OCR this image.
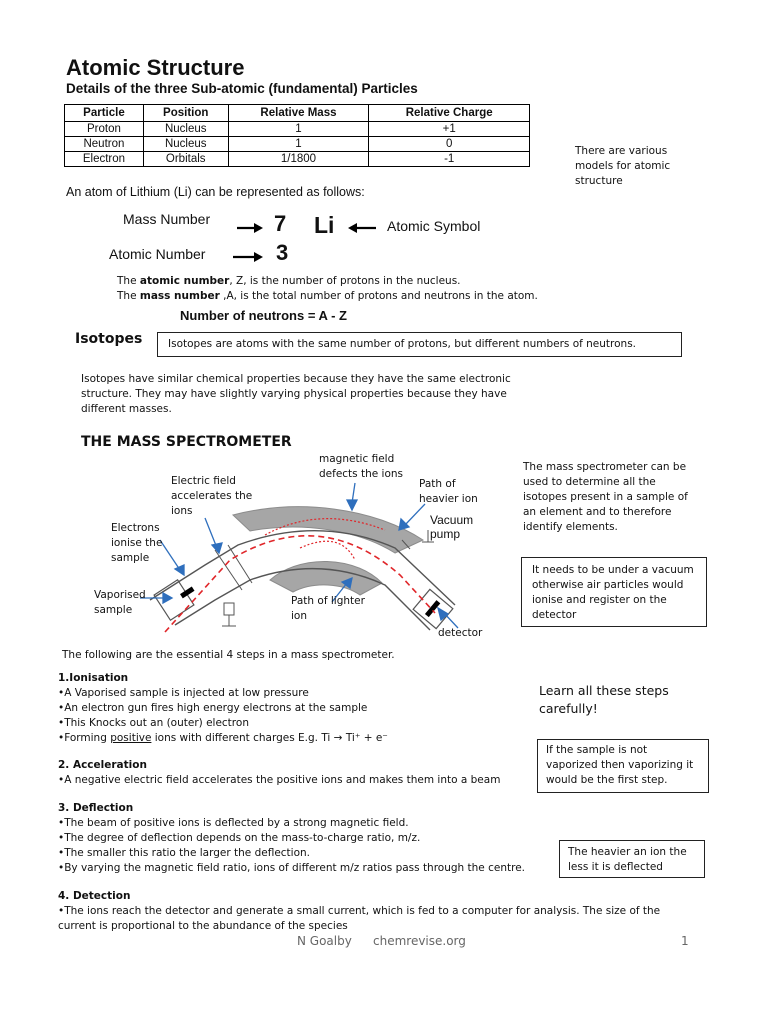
Atomic Structure
Details of the three Sub-atomic (fundamental) Particles
Particle	Position	Relative Mass	Relative Charge
Proton	Nucleus	1	+1
Neutron	Nucleus	1	0
Electron	Orbitals	1/1800	-1
There are various models for atomic structure
An atom of Lithium (Li) can be represented as follows:
Mass Number
Atomic Number
7
3
Li	Atomic Symbol
The atomic number, Z, is the number of protons in the nucleus.
The mass number ,A, is the total number of protons and neutrons in the atom.
Number of neutrons = A - Z
Isotopes	Isotopes are atoms with the same number of protons, but different numbers of neutrons.
Isotopes have similar chemical properties because they have the same electronic structure. They may have slightly varying physical properties because they have different masses.
THE MASS SPECTROMETER
magnetic field defects the ions
Electric field accelerates the ions
Path of heavier ion
Vacuum pump
Electrons ionise the sample
Vaporised sample
Path of lighter ion
detector
The mass spectrometer can be used to determine all the isotopes present in a sample of an element and to therefore identify elements.
It needs to be under a vacuum otherwise air particles would ionise and register on the detector
The following are the essential 4 steps in a mass spectrometer.
1.Ionisation
•A Vaporised sample is injected at low pressure
•An electron gun fires high energy electrons at the sample
•This Knocks out an (outer) electron
•Forming positive ions with different charges E.g. Ti → Ti⁺ + e⁻
2. Acceleration
•A negative electric field accelerates the positive ions and makes them into a beam
3. Deflection
•The beam of positive ions is deflected by a strong magnetic field.
•The degree of deflection depends on the mass-to-charge ratio, m/z.
•The smaller this ratio the larger the deflection.
•By varying the magnetic field ratio, ions of different m/z ratios pass through the centre.
4. Detection
•The ions reach the detector and generate a small current, which is fed to a computer for analysis. The size of the current is proportional to the abundance of the species
Learn all these steps carefully!
If the sample is not vaporized then vaporizing it would be the first step.
The heavier an ion the less it is deflected
N Goalby chemrevise.org	1
